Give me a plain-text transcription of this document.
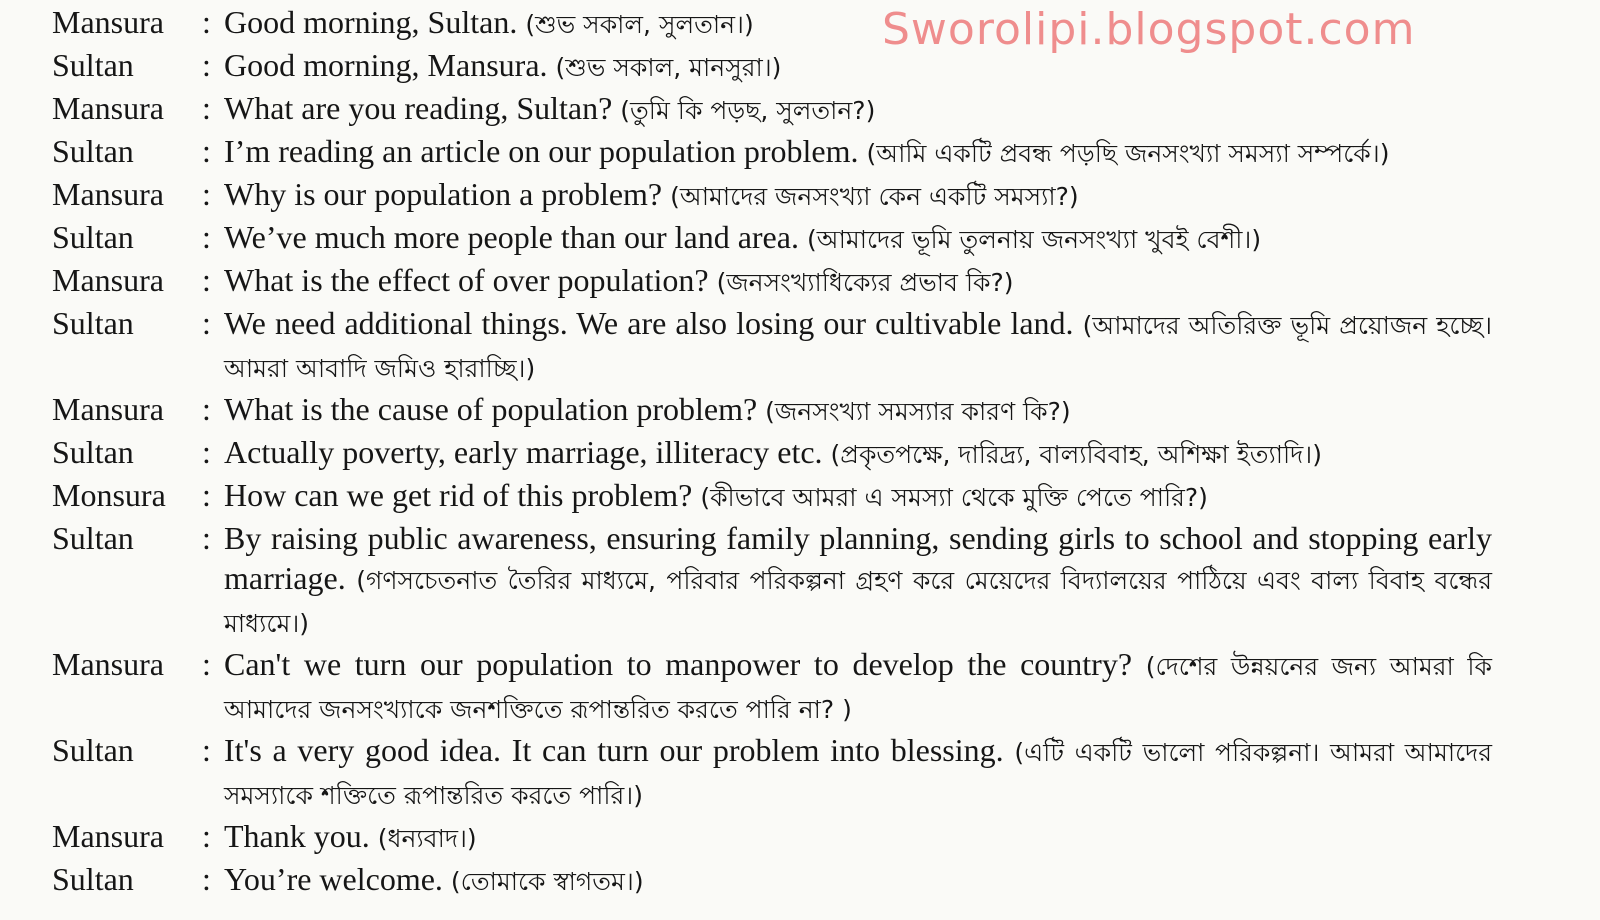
Sworolipi.blogspot.com
Mansura	: Good morning, Sultan. (শুভ সকাল, সুলতান।)
Sultan	: Good morning, Mansura. (শুভ সকাল, মানসুরা।)
Mansura	: What are you reading, Sultan? (তুমি কি পড়ছ, সুলতান?)
Sultan	: I’m reading an article on our population problem. (আমি একটি প্রবন্ধ পড়ছি জনসংখ্যা সমস্যা সম্পর্কে।)
Mansura	: Why is our population a problem? (আমাদের জনসংখ্যা কেন একটি সমস্যা?)
Sultan	: We’ve much more people than our land area. (আমাদের ভূমি তুলনায় জনসংখ্যা খুবই বেশী।)
Mansura	: What is the effect of over population? (জনসংখ্যাধিক্যের প্রভাব কি?)
Sultan	: We need additional things. We are also losing our cultivable land. (আমাদের অতিরিক্ত ভূমি প্রয়োজন হচ্ছে। আমরা আবাদি জমিও হারাচ্ছি।)
Mansura	: What is the cause of population problem? (জনসংখ্যা সমস্যার কারণ কি?)
Sultan	: Actually poverty, early marriage, illiteracy etc. (প্রকৃতপক্ষে, দারিদ্র্য, বাল্যবিবাহ, অশিক্ষা ইত্যাদি।)
Monsura	: How can we get rid of this problem? (কীভাবে আমরা এ সমস্যা থেকে মুক্তি পেতে পারি?)
Sultan	: By raising public awareness, ensuring family planning, sending girls to school and stopping early marriage. (গণসচেতনাত তৈরির মাধ্যমে, পরিবার পরিকল্পনা গ্রহণ করে মেয়েদের বিদ্যালয়ের পাঠিয়ে এবং বাল্য বিবাহ বন্ধের মাধ্যমে।)
Mansura	: Can't we turn our population to manpower to develop the country? (দেশের উন্নয়নের জন্য আমরা কি আমাদের জনসংখ্যাকে জনশক্তিতে রূপান্তরিত করতে পারি না? )
Sultan	: It's a very good idea. It can turn our problem into blessing. (এটি একটি ভালো পরিকল্পনা। আমরা আমাদের সমস্যাকে শক্তিতে রূপান্তরিত করতে পারি।)
Mansura	: Thank you. (ধন্যবাদ।)
Sultan	: You’re welcome. (তোমাকে স্বাগতম।)
